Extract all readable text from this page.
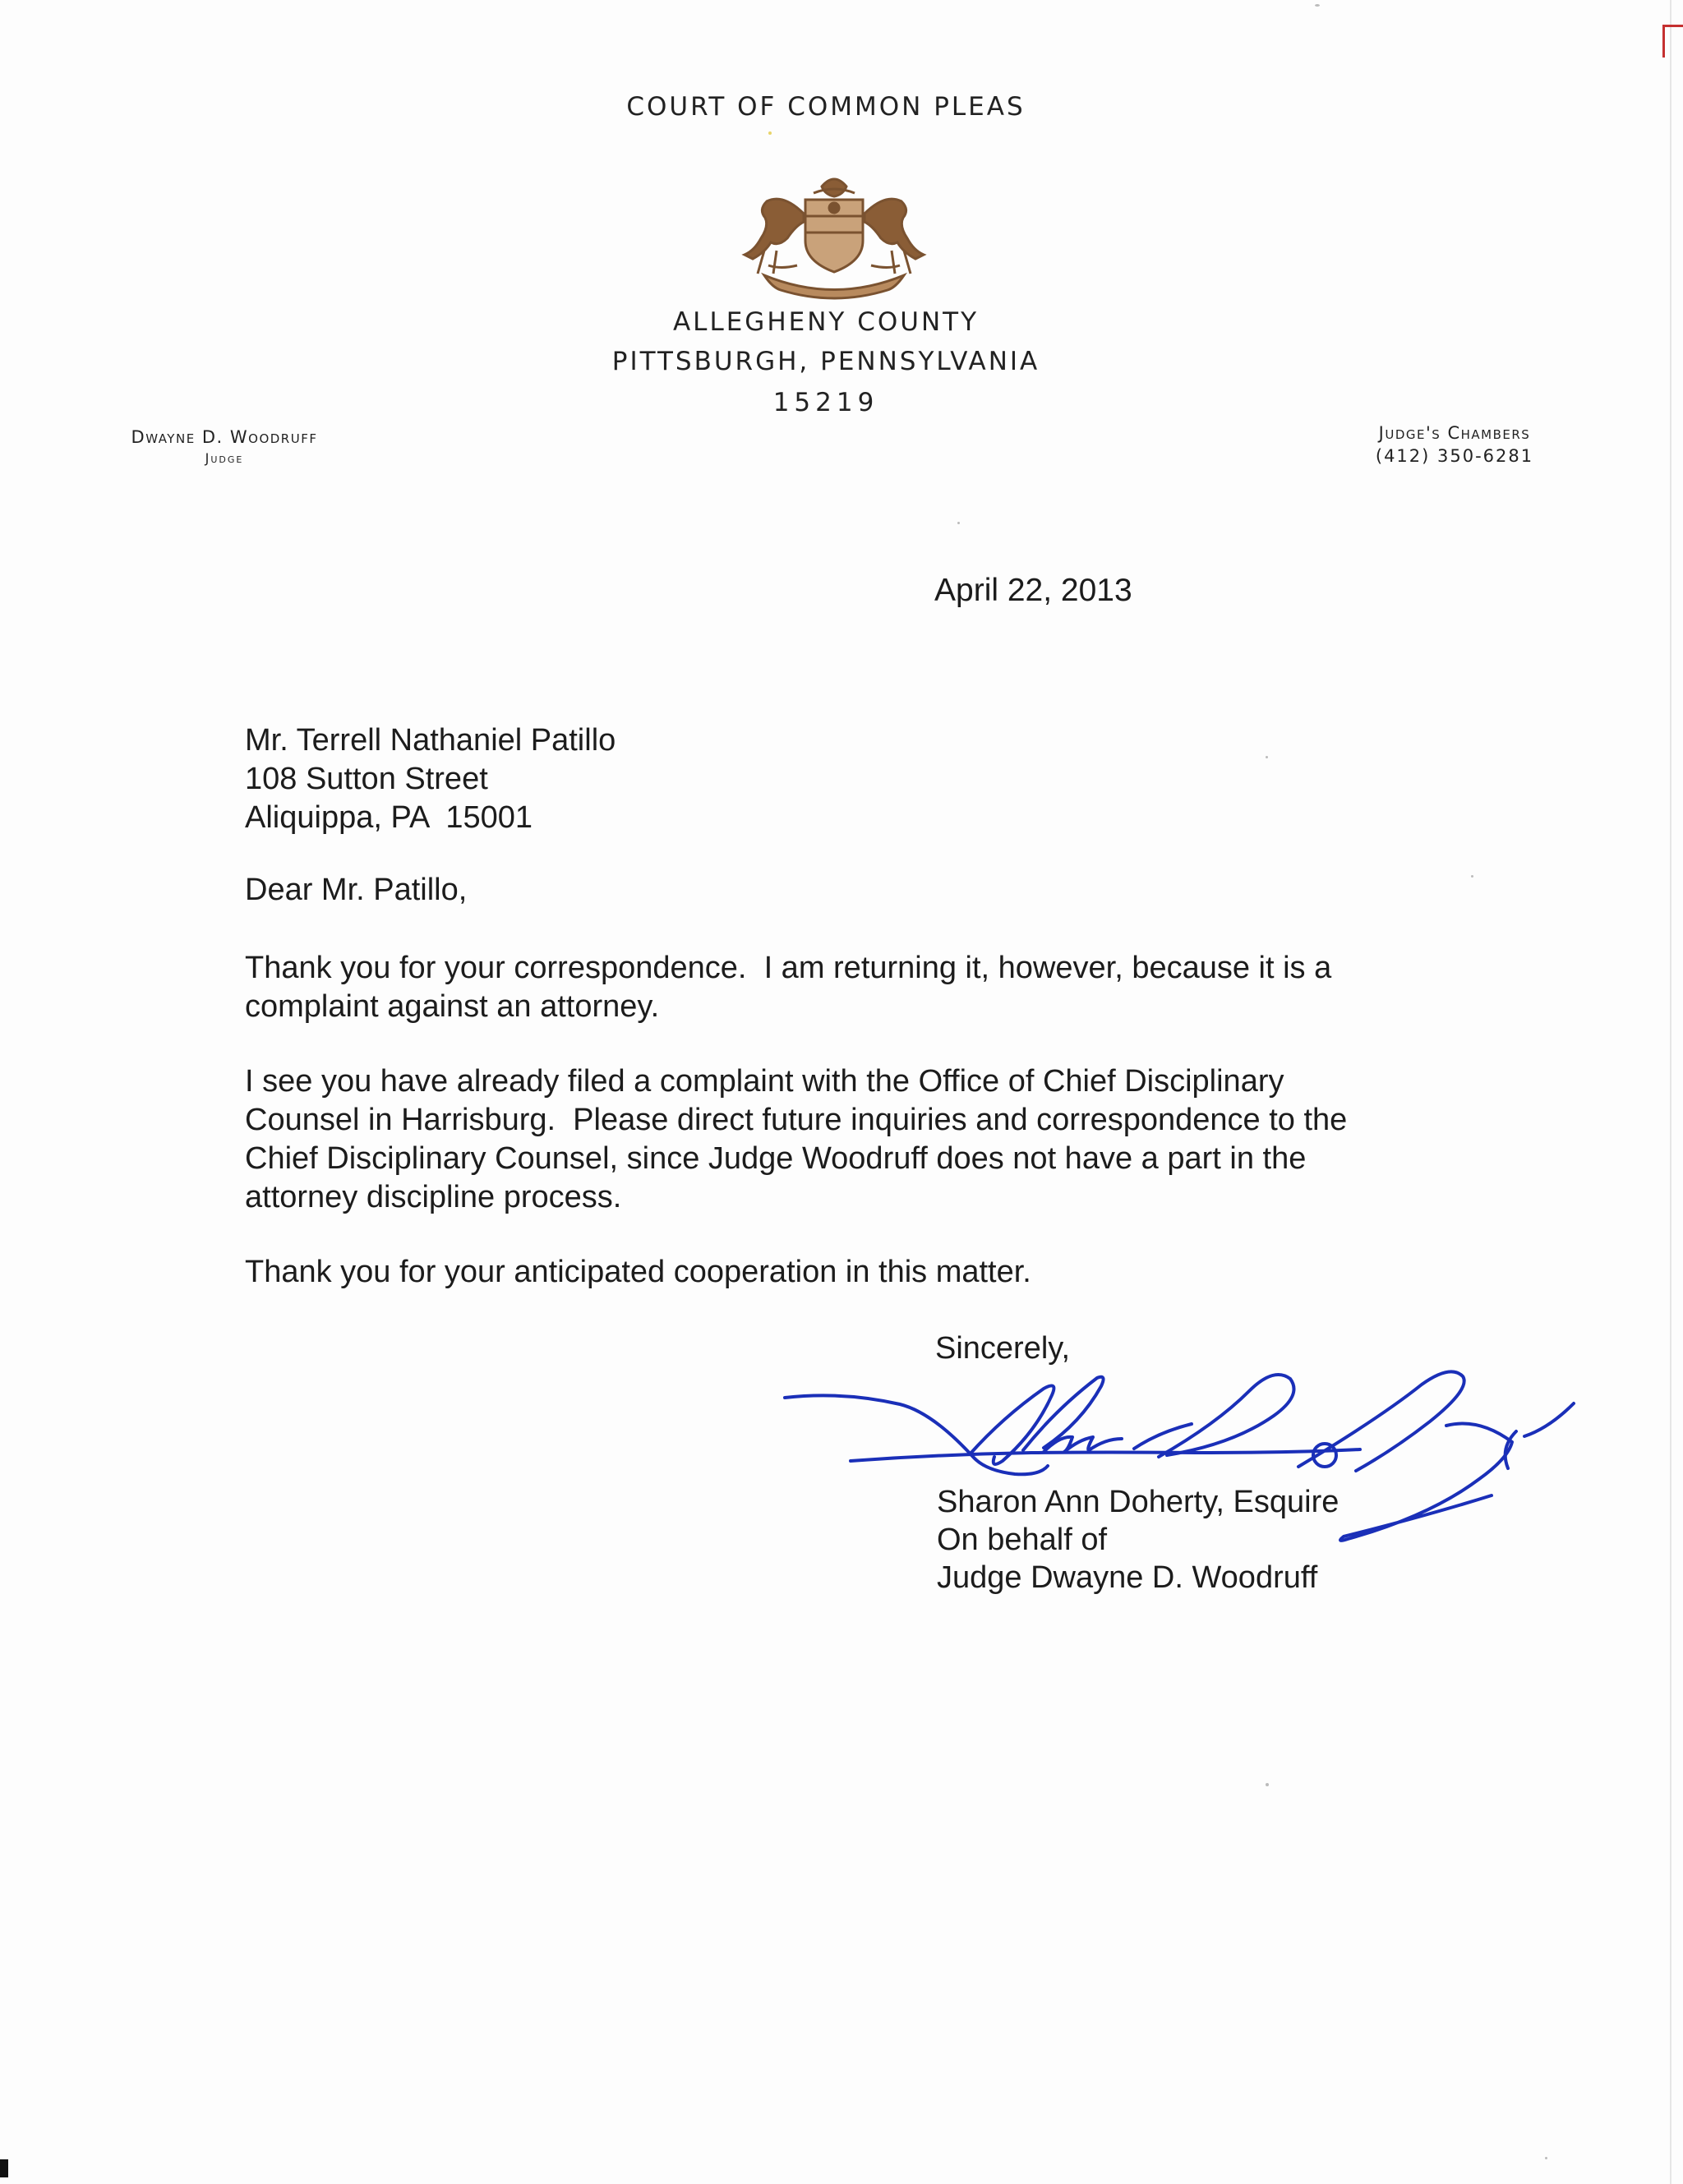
COURT OF COMMON PLEAS
ALLEGHENY COUNTY
PITTSBURGH, PENNSYLVANIA
15219
Dwayne D. Woodruff
Judge
Judge's Chambers
(412) 350-6281
April 22, 2013
Mr. Terrell Nathaniel Patillo
108 Sutton Street
Aliquippa, PA  15001
Dear Mr. Patillo,
Thank you for your correspondence.  I am returning it, however, because it is a
complaint against an attorney.
I see you have already filed a complaint with the Office of Chief Disciplinary
Counsel in Harrisburg.  Please direct future inquiries and correspondence to the
Chief Disciplinary Counsel, since Judge Woodruff does not have a part in the
attorney discipline process.
Thank you for your anticipated cooperation in this matter.
Sincerely,
Sharon Ann Doherty, Esquire
On behalf of
Judge Dwayne D. Woodruff
